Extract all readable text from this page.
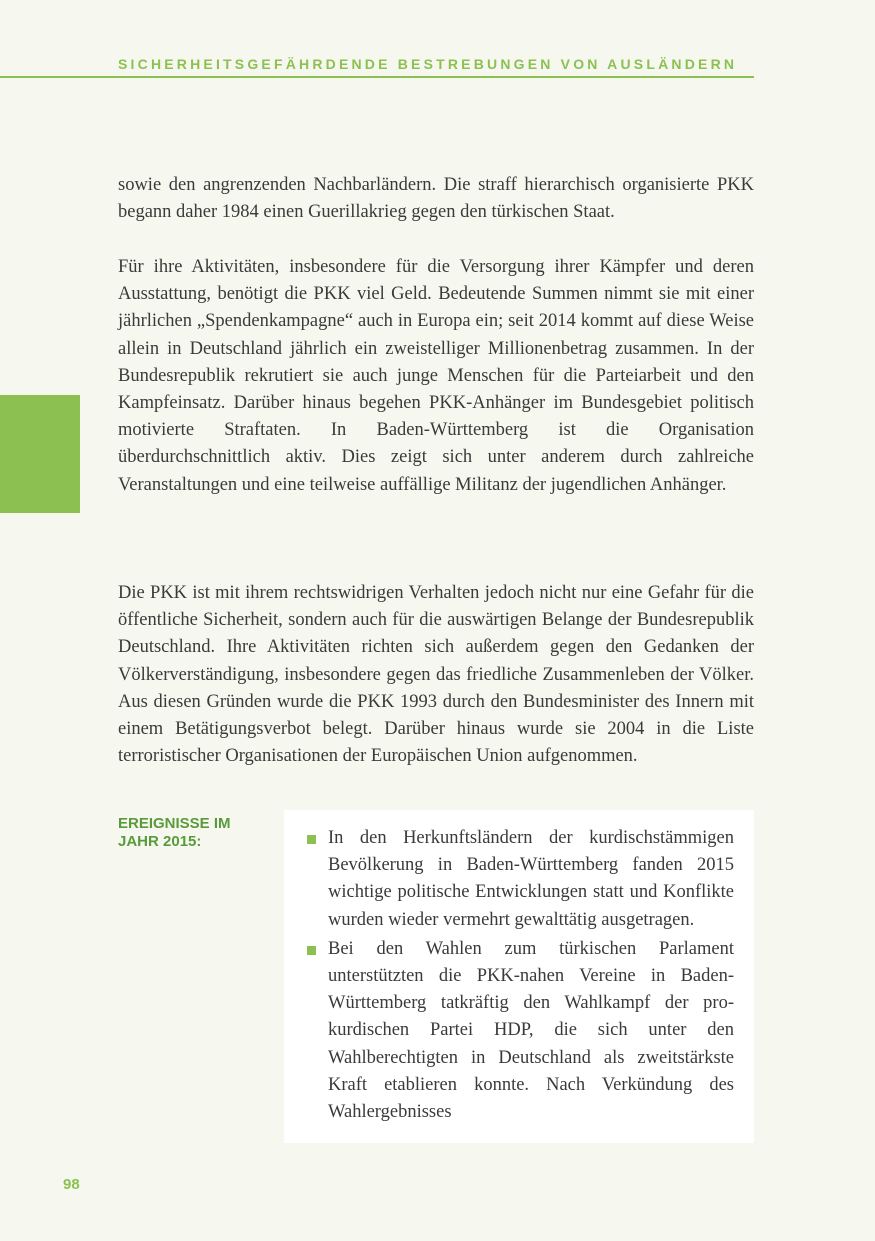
SICHERHEITSGEFÄHRDENDE BESTREBUNGEN VON AUSLÄNDERN

sowie den angrenzenden Nachbarländern. Die straff hierarchisch organisierte PKK begann daher 1984 einen Guerillakrieg gegen den türkischen Staat.

Für ihre Aktivitäten, insbesondere für die Versorgung ihrer Kämpfer und deren Ausstattung, benötigt die PKK viel Geld. Bedeutende Summen nimmt sie mit einer jährlichen „Spendenkampagne“ auch in Europa ein; seit 2014 kommt auf diese Weise allein in Deutschland jährlich ein zweistelliger Millionenbetrag zusammen. In der Bundesrepublik rekrutiert sie auch junge Menschen für die Parteiarbeit und den Kampfeinsatz. Darüber hinaus begehen PKK-Anhänger im Bundesgebiet politisch motivierte Straftaten. In Baden-Württemberg ist die Organisation überdurchschnittlich aktiv. Dies zeigt sich unter anderem durch zahlreiche Veranstaltungen und eine teilweise auffällige Militanz der jugendlichen Anhänger.

Die PKK ist mit ihrem rechtswidrigen Verhalten jedoch nicht nur eine Gefahr für die öffentliche Sicherheit, sondern auch für die auswärtigen Belange der Bundesrepublik Deutschland. Ihre Aktivitäten richten sich außerdem gegen den Gedanken der Völkerverständigung, insbesondere gegen das friedliche Zusammenleben der Völker. Aus diesen Gründen wurde die PKK 1993 durch den Bundesminister des Innern mit einem Betätigungsverbot belegt. Darüber hinaus wurde sie 2004 in die Liste terroristischer Organisationen der Europäischen Union aufgenommen.

EREIGNISSE IM JAHR 2015:	In den Herkunftsländern der kurdischstämmigen Bevölkerung in Baden-Württemberg fanden 2015 wichtige politische Entwicklungen statt und Konflikte wurden wieder vermehrt gewalttätig ausgetragen.
Bei den Wahlen zum türkischen Parlament unterstützten die PKK-nahen Vereine in Baden-Württemberg tatkräftig den Wahlkampf der pro-kurdischen Partei HDP, die sich unter den Wahlberechtigten in Deutschland als zweitstärkste Kraft etablieren konnte. Nach Verkündung des Wahlergebnisses
98
